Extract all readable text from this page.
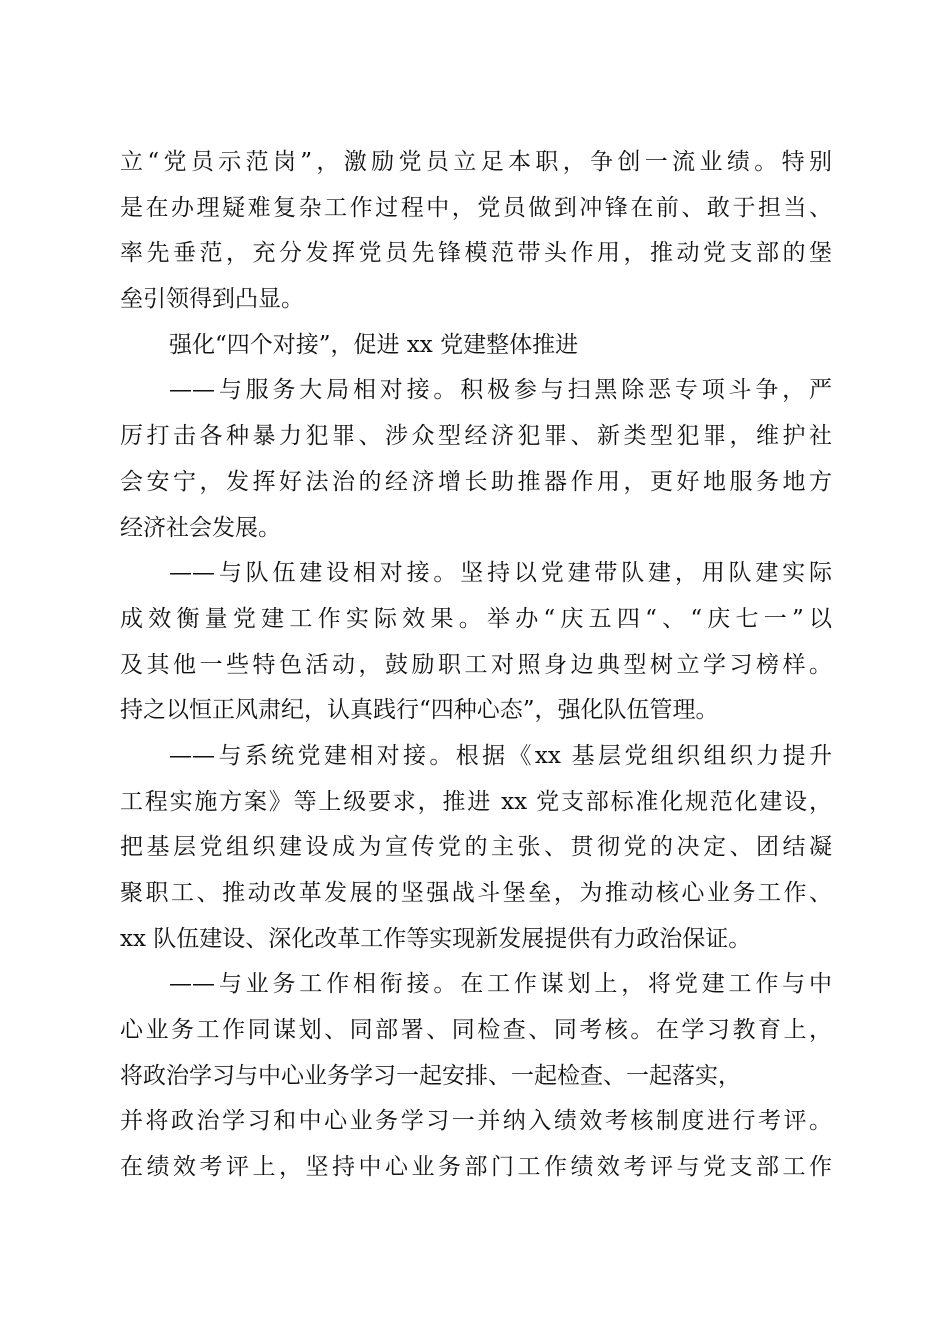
立“党员示范岗”，激励党员立足本职，争创一流业绩。特别
是在办理疑难复杂工作过程中，党员做到冲锋在前、敢于担当、
率先垂范，充分发挥党员先锋模范带头作用，推动党支部的堡
垒引领得到凸显。
强化“四个对接”，促进 xx 党建整体推进
——与服务大局相对接。积极参与扫黑除恶专项斗争，严
厉打击各种暴力犯罪、涉众型经济犯罪、新类型犯罪，维护社
会安宁，发挥好法治的经济增长助推器作用，更好地服务地方
经济社会发展。
——与队伍建设相对接。坚持以党建带队建，用队建实际
成效衡量党建工作实际效果。举办“庆五四“、“庆七一”以
及其他一些特色活动，鼓励职工对照身边典型树立学习榜样。
持之以恒正风肃纪，认真践行“四种心态”，强化队伍管理。
——与系统党建相对接。根据《xx 基层党组织组织力提升
工程实施方案》等上级要求，推进 xx 党支部标准化规范化建设，
把基层党组织建设成为宣传党的主张、贯彻党的决定、团结凝
聚职工、推动改革发展的坚强战斗堡垒，为推动核心业务工作、
xx 队伍建设、深化改革工作等实现新发展提供有力政治保证。
——与业务工作相衔接。在工作谋划上，将党建工作与中
心业务工作同谋划、同部署、同检查、同考核。在学习教育上，
将政治学习与中心业务学习一起安排、一起检查、一起落实，
并将政治学习和中心业务学习一并纳入绩效考核制度进行考评。
在绩效考评上，坚持中心业务部门工作绩效考评与党支部工作
